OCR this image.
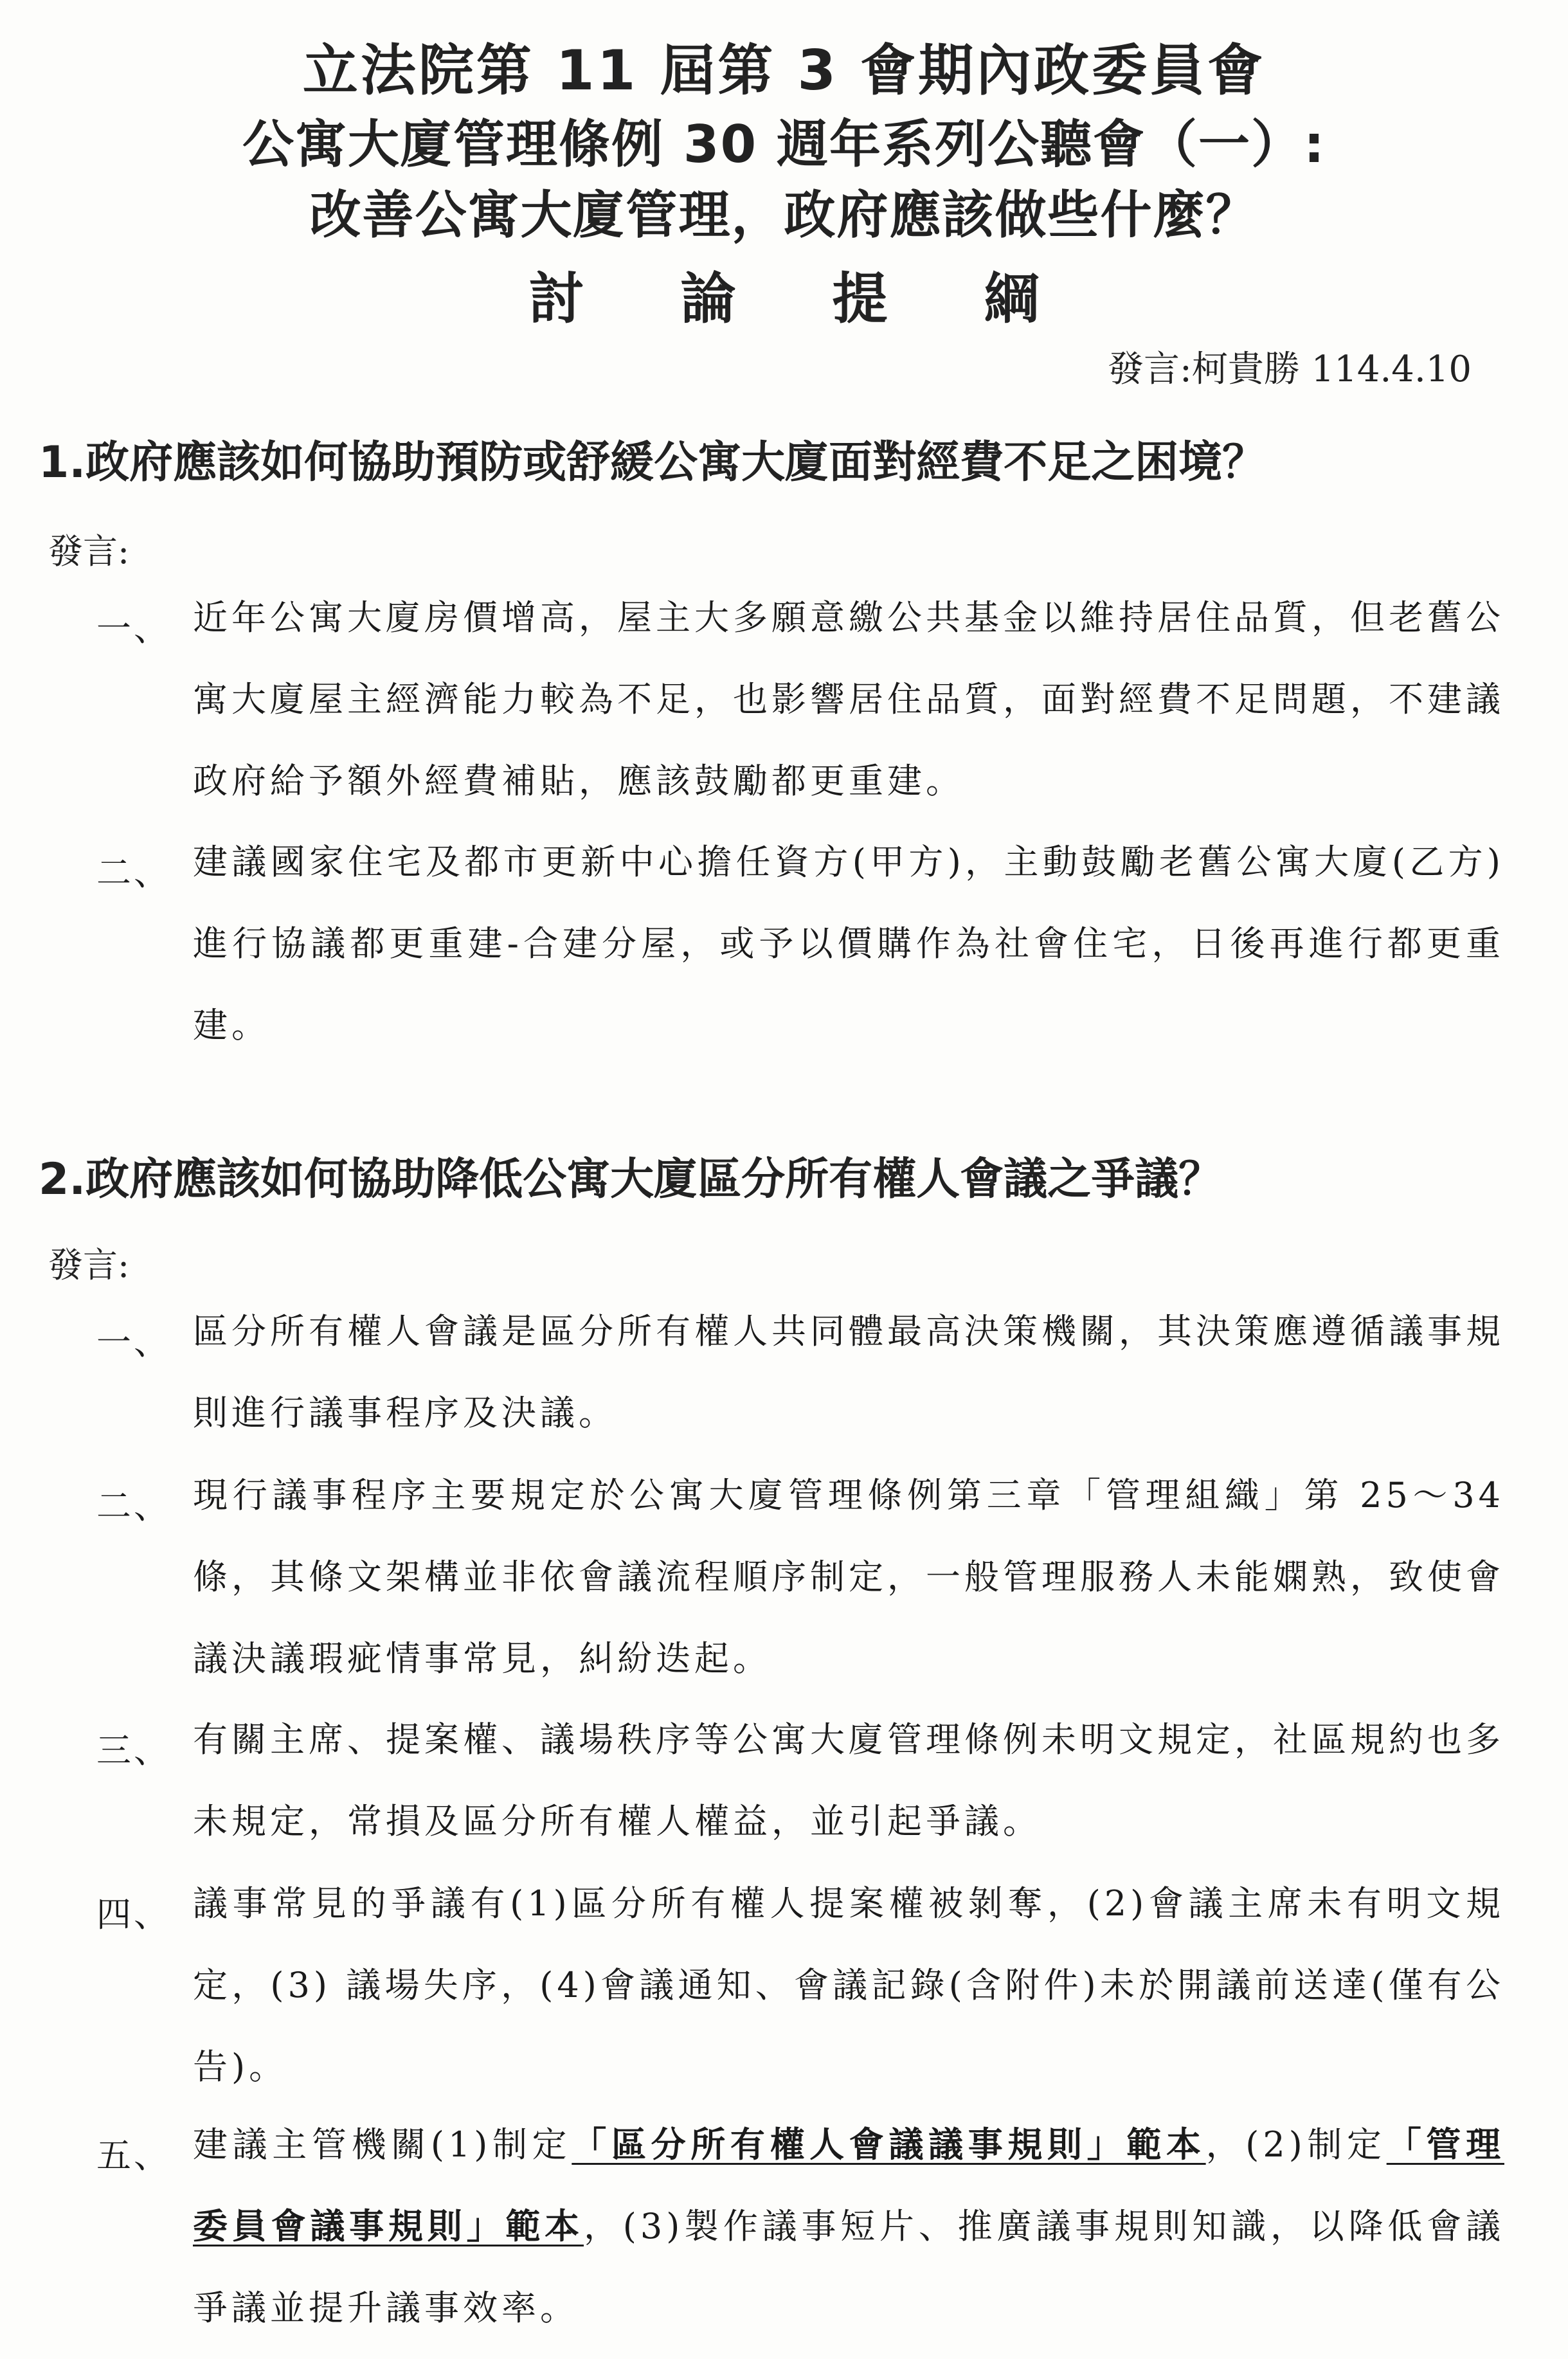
立法院第 11 屆第 3 會期內政委員會
公寓大廈管理條例 30 週年系列公聽會（一）:
改善公寓大廈管理，政府應該做些什麼？
討論提綱
發言:柯貴勝 114.4.10
1.政府應該如何協助預防或舒緩公寓大廈面對經費不足之困境？
發言:
一、 近年公寓大廈房價增高，屋主大多願意繳公共基金以維持居住品質，但老舊公寓大廈屋主經濟能力較為不足，也影響居住品質，面對經費不足問題，不建議政府給予額外經費補貼，應該鼓勵都更重建。
二、 建議國家住宅及都市更新中心擔任資方(甲方)，主動鼓勵老舊公寓大廈(乙方)進行協議都更重建-合建分屋，或予以價購作為社會住宅，日後再進行都更重建。
2.政府應該如何協助降低公寓大廈區分所有權人會議之爭議？
發言:
一、 區分所有權人會議是區分所有權人共同體最高決策機關，其決策應遵循議事規則進行議事程序及決議。
二、 現行議事程序主要規定於公寓大廈管理條例第三章「管理組織」第 25～34 條，其條文架構並非依會議流程順序制定，一般管理服務人未能嫻熟，致使會議決議瑕疵情事常見，糾紛迭起。
三、 有關主席、提案權、議場秩序等公寓大廈管理條例未明文規定，社區規約也多未規定，常損及區分所有權人權益，並引起爭議。
四、 議事常見的爭議有(1)區分所有權人提案權被剝奪，(2)會議主席未有明文規定，(3) 議場失序，(4)會議通知、會議記錄(含附件)未於開議前送達(僅有公告)。
五、 建議主管機關(1)制定「區分所有權人會議議事規則」範本，(2)制定「管理委員會議事規則」範本，(3)製作議事短片、推廣議事規則知識，以降低會議爭議並提升議事效率。
